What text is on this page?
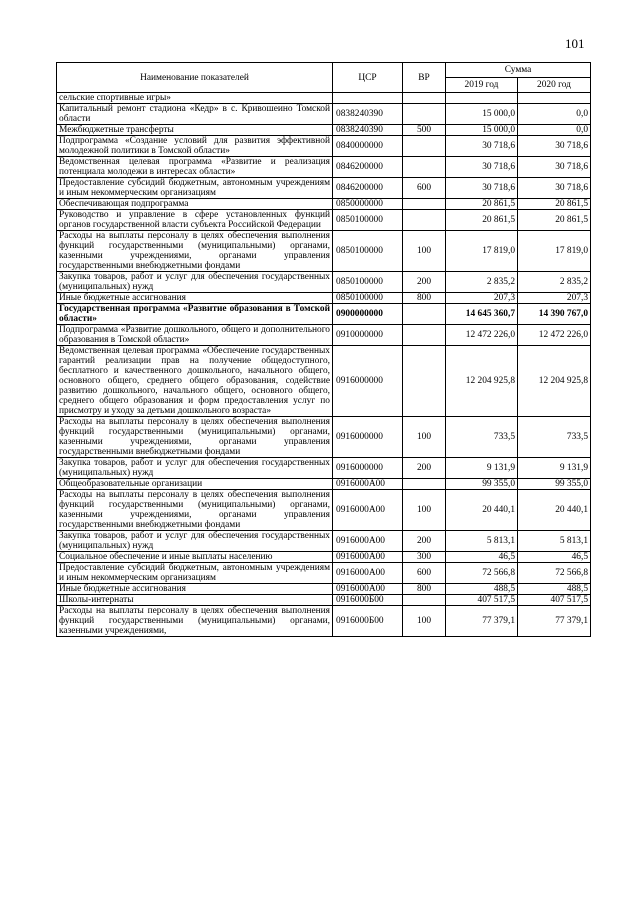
101
Наименование показателей	ЦСР	ВР	Сумма	
			2019 год	2020 год
сельские спортивные игры»				
Капитальный ремонт стадиона «Кедр» в с. Кривошеино Томской области	0838240390		15 000,0	0,0
Межбюджетные трансферты	0838240390	500	15 000,0	0,0
Подпрограмма «Создание условий для развития эффективной молодежной политики в Томской области»	0840000000		30 718,6	30 718,6
Ведомственная целевая программа «Развитие и реализация потенциала молодежи в интересах области»	0846200000		30 718,6	30 718,6
Предоставление субсидий бюджетным, автономным учреждениям и иным некоммерческим организациям	0846200000	600	30 718,6	30 718,6
Обеспечивающая подпрограмма	0850000000		20 861,5	20 861,5
Руководство и управление в сфере установленных функций органов государственной власти субъекта Российской Федерации	0850100000		20 861,5	20 861,5
Расходы на выплаты персоналу в целях обеспечения выполнения функций государственными (муниципальными) органами, казенными учреждениями, органами управления государственными внебюджетными фондами	0850100000	100	17 819,0	17 819,0
Закупка товаров, работ и услуг для обеспечения государственных (муниципальных) нужд	0850100000	200	2 835,2	2 835,2
Иные бюджетные ассигнования	0850100000	800	207,3	207,3
Государственная программа «Развитие образования в Томской области»	0900000000		14 645 360,7	14 390 767,0
Подпрограмма «Развитие дошкольного, общего и дополнительного образования в Томской области»	0910000000		12 472 226,0	12 472 226,0
Ведомственная целевая программа «Обеспечение государственных гарантий реализации прав на получение общедоступного, бесплатного и качественного дошкольного, начального общего, основного общего, среднего общего образования, содействие развитию дошкольного, начального общего, основного общего, среднего общего образования и форм предоставления услуг по присмотру и уходу за детьми дошкольного возраста»	0916000000		12 204 925,8	12 204 925,8
Расходы на выплаты персоналу в целях обеспечения выполнения функций государственными (муниципальными) органами, казенными учреждениями, органами управления государственными внебюджетными фондами	0916000000	100	733,5	733,5
Закупка товаров, работ и услуг для обеспечения государственных (муниципальных) нужд	0916000000	200	9 131,9	9 131,9
Общеобразовательные организации	0916000А00		99 355,0	99 355,0
Расходы на выплаты персоналу в целях обеспечения выполнения функций государственными (муниципальными) органами, казенными учреждениями, органами управления государственными внебюджетными фондами	0916000А00	100	20 440,1	20 440,1
Закупка товаров, работ и услуг для обеспечения государственных (муниципальных) нужд	0916000А00	200	5 813,1	5 813,1
Социальное обеспечение и иные выплаты населению	0916000А00	300	46,5	46,5
Предоставление субсидий бюджетным, автономным учреждениям и иным некоммерческим организациям	0916000А00	600	72 566,8	72 566,8
Иные бюджетные ассигнования	0916000А00	800	488,5	488,5
Школы-интернаты	0916000Б00		407 517,5	407 517,5
Расходы на выплаты персоналу в целях обеспечения выполнения функций государственными (муниципальными) органами, казенными учреждениями,	0916000Б00	100	77 379,1	77 379,1
